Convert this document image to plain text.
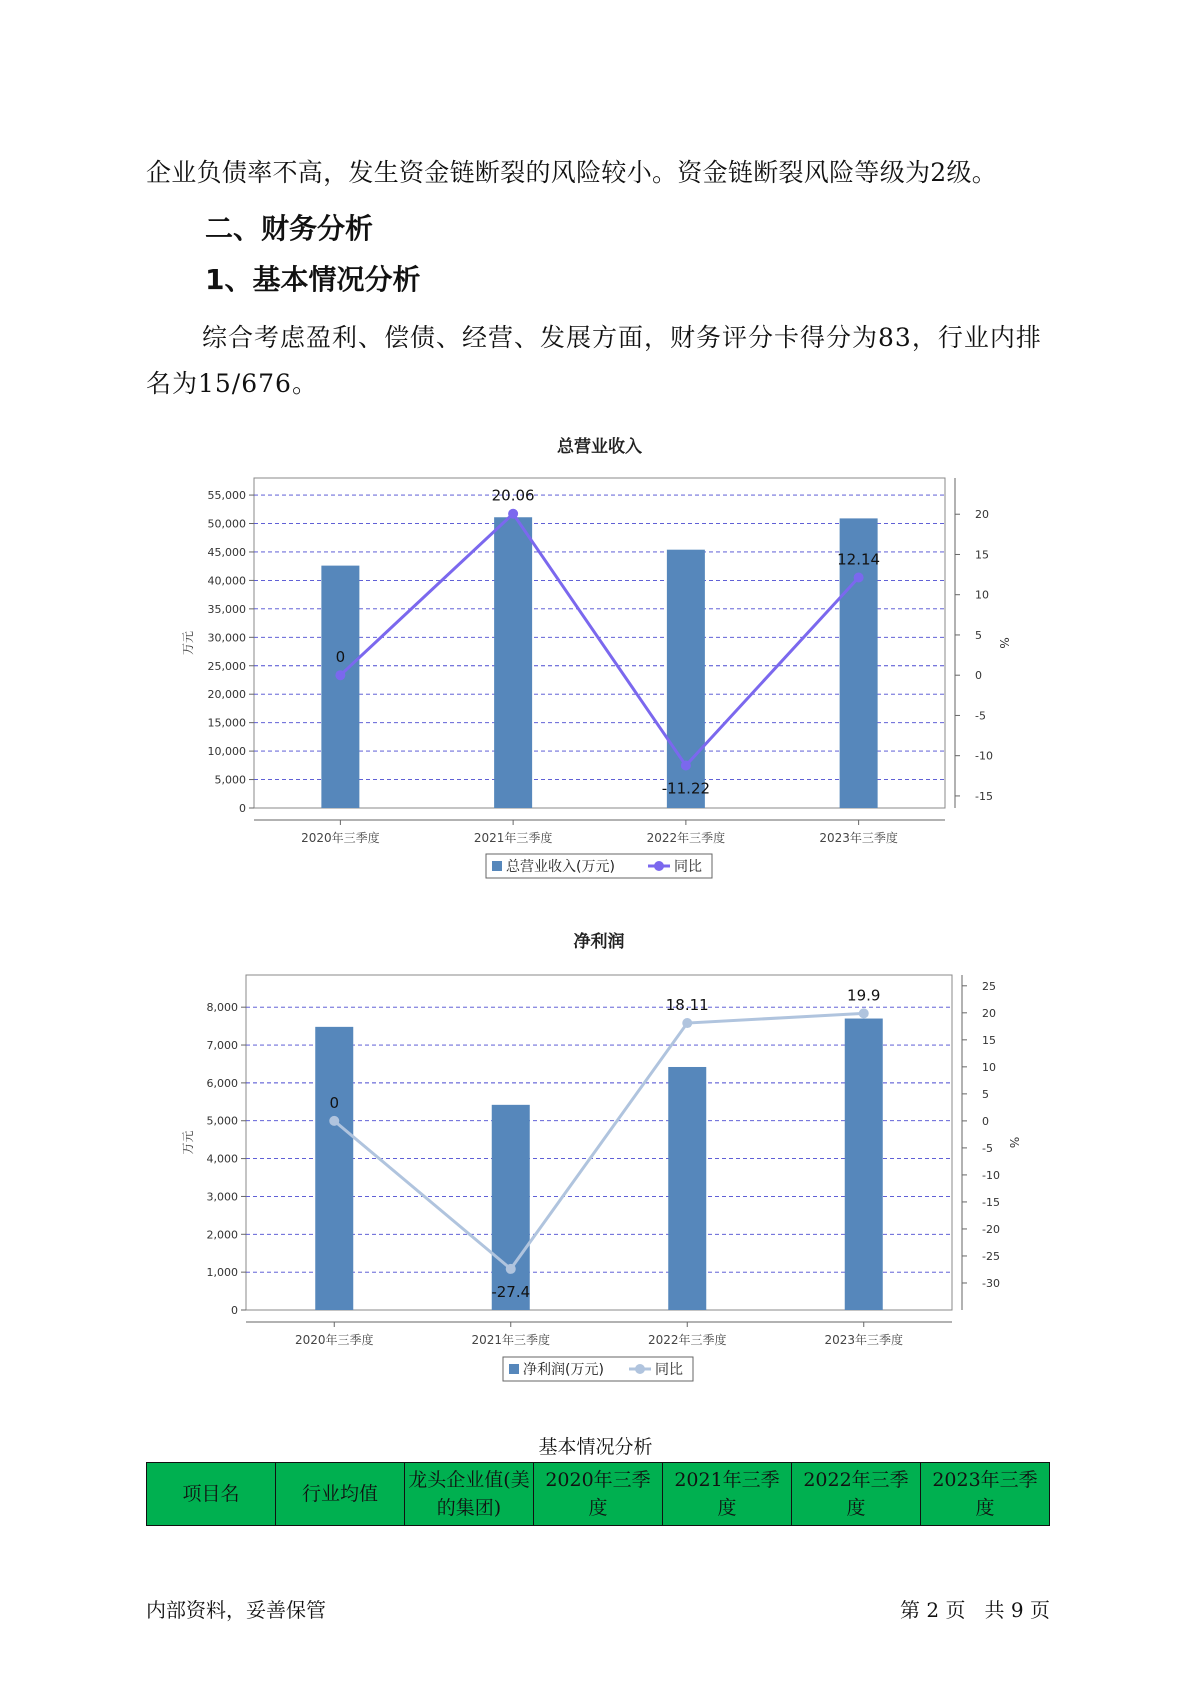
企业负债率不高，发生资金链断裂的风险较小。资金链断裂风险等级为2级。

二、财务分析
1、基本情况分析

综合考虑盈利、偿债、经营、发展方面，财务评分卡得分为83，行业内排名为15/676。

总营业收入
0
5,000
10,000
15,000
20,000
25,000
30,000
35,000
40,000
45,000
50,000
55,000
万元
-15
-10
-5
0
5
10
15
20
%
2020年三季度	2021年三季度	2022年三季度	2023年三季度
0
20.06
-11.22
12.14
总营业收入(万元)	同比
净利润
0
1,000
2,000
3,000
4,000
5,000
6,000
7,000
8,000
万元
-30
-25
-20
-15
-10
-5
0
5
10
15
20
25
%
2020年三季度	2021年三季度	2022年三季度	2023年三季度
0
-27.4
18.11
19.9
净利润(万元)	同比
基本情况分析
项目名	行业均值	龙头企业值(美的集团)	2020年三季度	2021年三季度	2022年三季度	2023年三季度
内部资料，妥善保管	第 2 页   共 9 页
